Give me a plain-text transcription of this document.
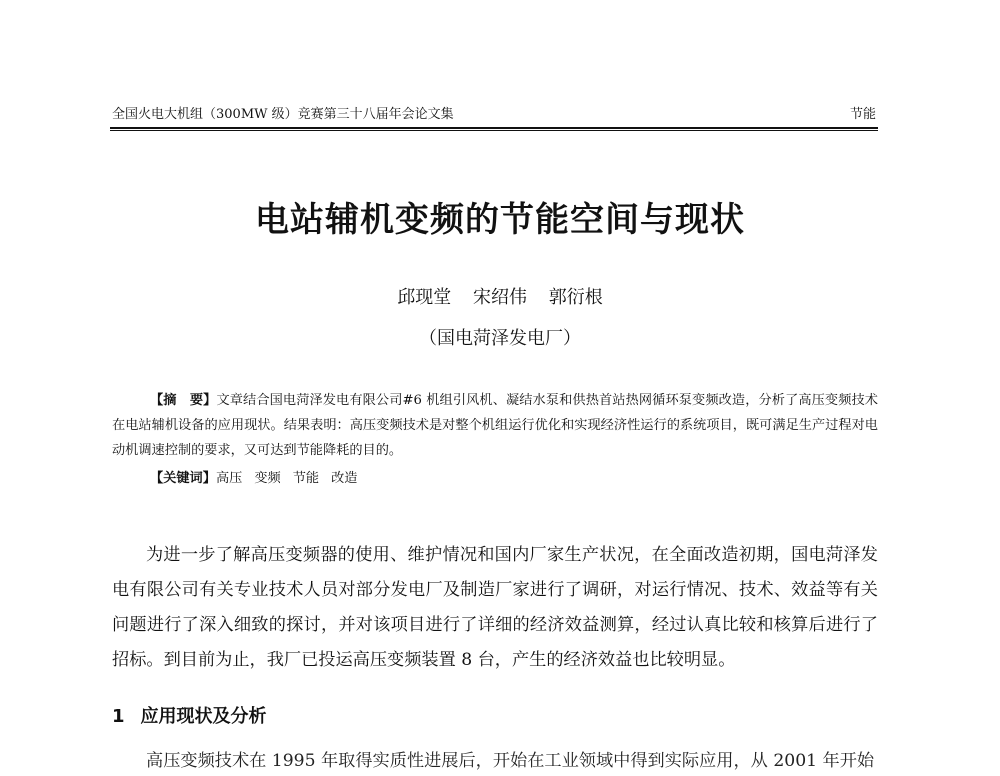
全国火电大机组（300MW 级）竞赛第三十八届年会论文集	节能
电站辅机变频的节能空间与现状
邱现堂 宋绍伟 郭衍根
（国电菏泽发电厂）
【摘　要】文章结合国电菏泽发电有限公司#6 机组引风机、凝结水泵和供热首站热网循环泵变频改造，分析了高压变频技术在电站辅机设备的应用现状。结果表明：高压变频技术是对整个机组运行优化和实现经济性运行的系统项目，既可满足生产过程对电动机调速控制的要求，又可达到节能降耗的目的。
【关键词】高压 变频 节能 改造
为进一步了解高压变频器的使用、维护情况和国内厂家生产状况，在全面改造初期，国电菏泽发电有限公司有关专业技术人员对部分发电厂及制造厂家进行了调研，对运行情况、技术、效益等有关问题进行了深入细致的探讨，并对该项目进行了详细的经济效益测算，经过认真比较和核算后进行了招标。到目前为止，我厂已投运高压变频装置 8 台，产生的经济效益也比较明显。
1 应用现状及分析
高压变频技术在 1995 年取得实质性进展后，开始在工业领域中得到实际应用，从 2001 年开始
